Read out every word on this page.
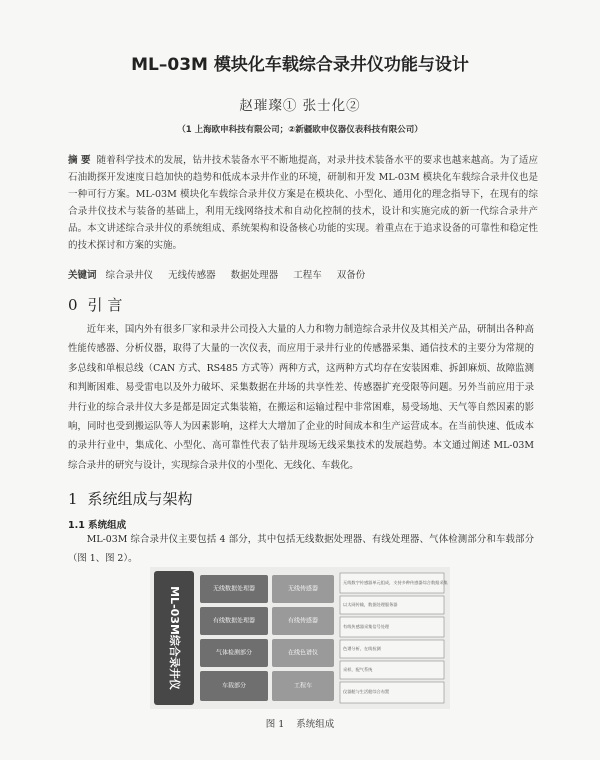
ML–03M 模块化车载综合录井仪功能与设计
赵璀璨① 张士化②
（1 上海欧申科技有限公司；②新疆欧申仪器仪表科技有限公司）
摘 要 随着科学技术的发展，钻井技术装备水平不断地提高，对录井技术装备水平的要求也越来越高。为了适应石油勘探开发速度日趋加快的趋势和低成本录井作业的环境，研制和开发 ML-03M 模块化车载综合录井仪也是一种可行方案。ML-03M 模块化车载综合录井仪方案是在模块化、小型化、通用化的理念指导下，在现有的综合录井仪技术与装备的基础上，利用无线网络技术和自动化控制的技术，设计和实施完成的新一代综合录井产品。本文讲述综合录井仪的系统组成、系统架构和设备核心功能的实现。着重点在于追求设备的可靠性和稳定性的技术探讨和方案的实施。
关键词 综合录井仪 无线传感器 数据处理器 工程车 双备份
0 引 言
近年来，国内外有很多厂家和录井公司投入大量的人力和物力制造综合录井仪及其相关产品，研制出各种高性能传感器、分析仪器，取得了大量的一次仪表，而应用于录井行业的传感器采集、通信技术的主要分为常规的多总线和单根总线（CAN 方式、RS485 方式等）两种方式，这两种方式均存在安装困难、拆卸麻烦、故障监测和判断困难、易受雷电以及外力破坏、采集数据在井场的共享性差、传感器扩充受限等问题。另外当前应用于录井行业的综合录井仪大多是都是固定式集装箱，在搬运和运输过程中非常困难，易受场地、天气等自然因素的影响，同时也受到搬运队等人为因素影响，这样大大增加了企业的时间成本和生产运营成本。在当前快速、低成本的录井行业中，集成化、小型化、高可靠性代表了钻井现场无线采集技术的发展趋势。本文通过阐述 ML-03M 综合录井的研究与设计，实现综合录井仪的小型化、无线化、车载化。
1 系统组成与架构
1.1 系统组成
ML-03M 综合录井仪主要包括 4 部分，其中包括无线数据处理器、有线处理器、气体检测部分和车载部分（图 1、图 2）。
ML-03M综合录井仪	无线数据处理器
有线数据处理器
气体检测部分
车载部分
无线传感器
有线传感器
在线色谱仪
工程车
无线数字传感器单元组成，支持多种传感器综合数据采集
以太网传输，数据处理服务器
有线传感器采集信号处理
色谱分析，在线检测
采样，配气系统
仪器舱与生活舱综合布置
图 1 系统组成
